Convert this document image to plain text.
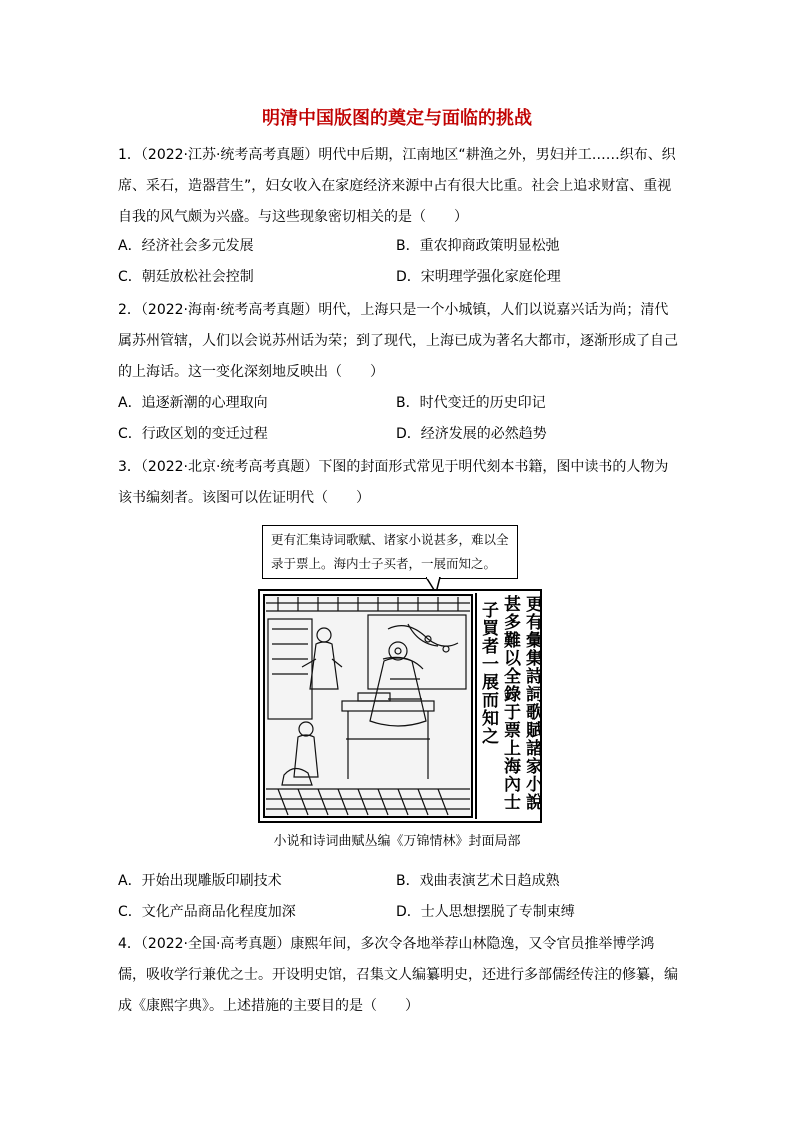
明清中国版图的奠定与面临的挑战
1．（2022·江苏·统考高考真题）明代中后期，江南地区“耕渔之外，男妇并工……织布、织席、采石，造器营生”，妇女收入在家庭经济来源中占有很大比重。社会上追求财富、重视自我的风气颇为兴盛。与这些现象密切相关的是（　　）
A．经济社会多元发展	B．重农抑商政策明显松弛
C．朝廷放松社会控制	D．宋明理学强化家庭伦理
2．（2022·海南·统考高考真题）明代，上海只是一个小城镇，人们以说嘉兴话为尚；清代属苏州管辖，人们以会说苏州话为荣；到了现代，上海已成为著名大都市，逐渐形成了自己的上海话。这一变化深刻地反映出（　　）
A．追逐新潮的心理取向	B．时代变迁的历史印记
C．行政区划的变迁过程	D．经济发展的必然趋势
3．（2022·北京·统考高考真题）下图的封面形式常见于明代刻本书籍，图中读书的人物为该书编刻者。该图可以佐证明代（　　）
更有汇集诗词歌赋、诸家小说甚多，难以全录于票上。海内士子买者，一展而知之。
子買者一展而知之 甚多難以全錄于票上海內士 更有彙集詩詞歌賦諸家小說
小说和诗词曲赋丛编《万锦情林》封面局部
A．开始出现雕版印刷技术	B．戏曲表演艺术日趋成熟
C．文化产品商品化程度加深	D．士人思想摆脱了专制束缚
4．（2022·全国·高考真题）康熙年间，多次令各地举荐山林隐逸，又令官员推举博学鸿儒，吸收学行兼优之士。开设明史馆，召集文人编纂明史，还进行多部儒经传注的修纂，编成《康熙字典》。上述措施的主要目的是（　　）
